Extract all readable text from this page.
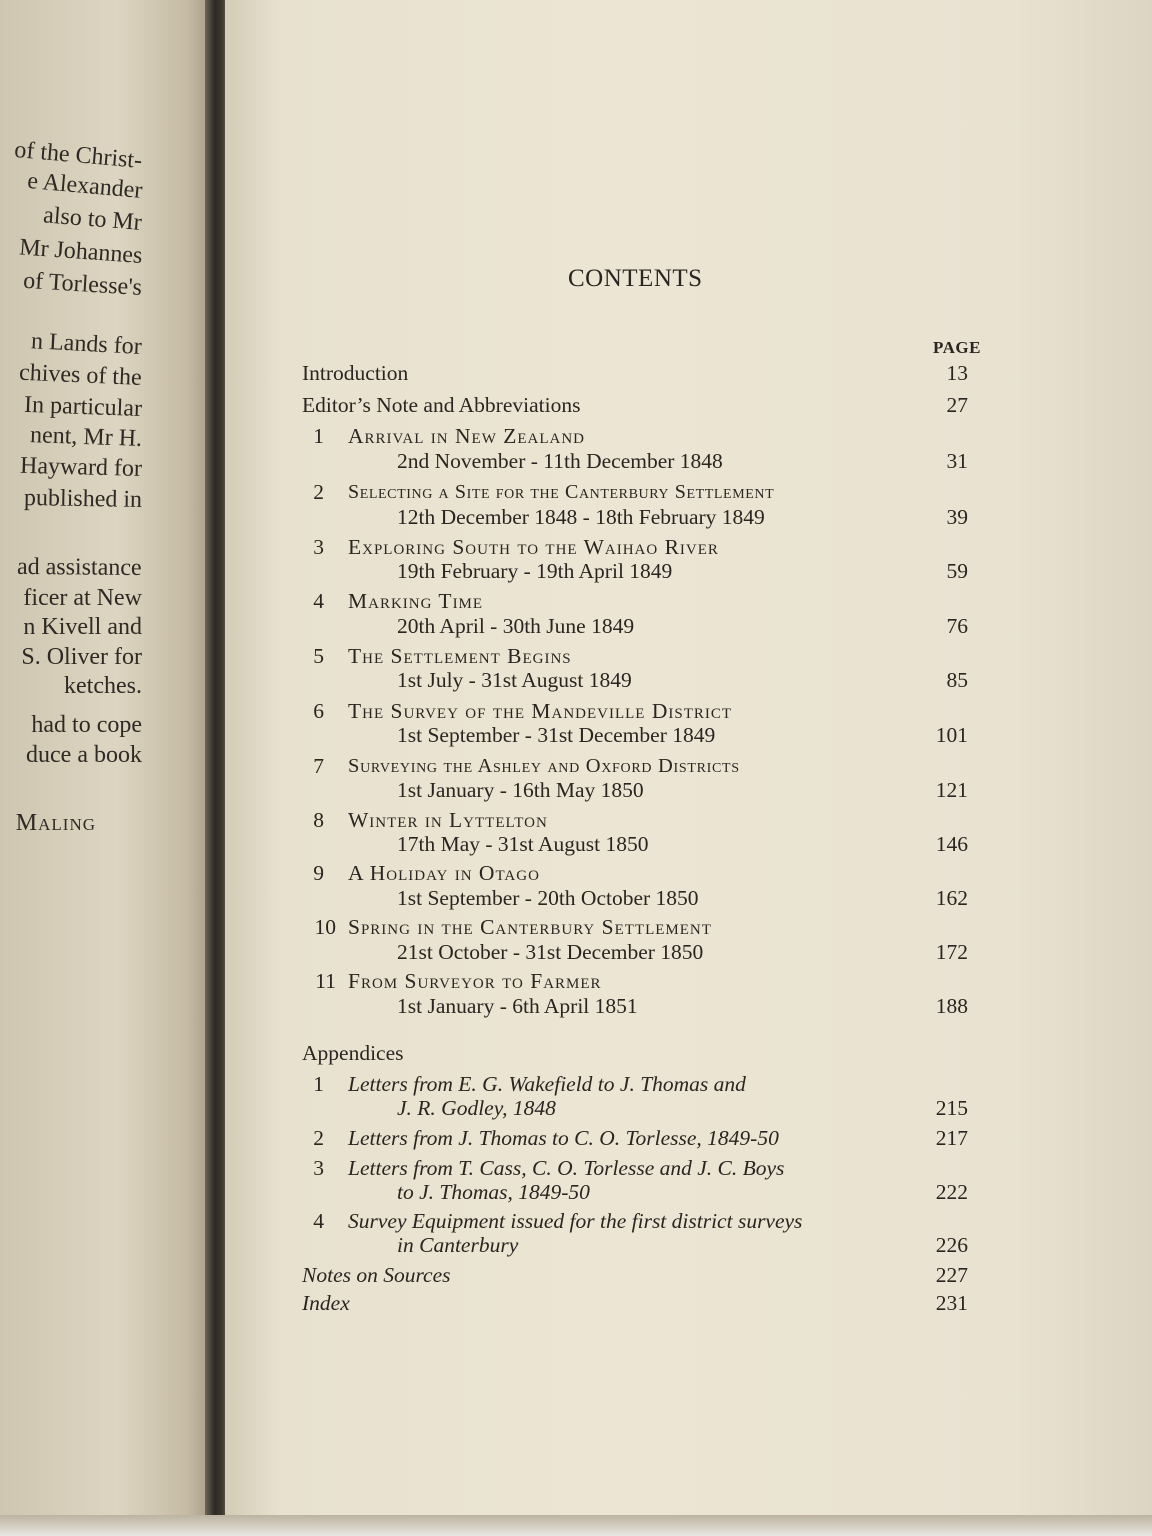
of the Christ-
e Alexander
also to Mr
Mr Johannes
of Torlesse's
n Lands for
chives of the
In particular
nent, Mr H.
Hayward for
published in
ad assistance
ficer at New
n Kivell and
S. Oliver for
ketches.
had to cope
duce a book
Maling
CONTENTS
PAGE
Introduction	13
Editor’s Note and Abbreviations	27
1 Arrival in New Zealand
2nd November - 11th December 1848	31
2 Selecting a Site for the Canterbury Settlement
12th December 1848 - 18th February 1849	39
3 Exploring South to the Waihao River
19th February - 19th April 1849	59
4 Marking Time
20th April - 30th June 1849	76
5 The Settlement Begins
1st July - 31st August 1849	85
6 The Survey of the Mandeville District
1st September - 31st December 1849	101
7 Surveying the Ashley and Oxford Districts
1st January - 16th May 1850	121
8 Winter in Lyttelton
17th May - 31st August 1850	146
9 A Holiday in Otago
1st September - 20th October 1850	162
10 Spring in the Canterbury Settlement
21st October - 31st December 1850	172
11 From Surveyor to Farmer
1st January - 6th April 1851	188
Appendices
1 Letters from E. G. Wakefield to J. Thomas and
J. R. Godley, 1848	215
2 Letters from J. Thomas to C. O. Torlesse, 1849-50	217
3 Letters from T. Cass, C. O. Torlesse and J. C. Boys
to J. Thomas, 1849-50	222
4 Survey Equipment issued for the first district surveys
in Canterbury	226
Notes on Sources	227
Index	231
